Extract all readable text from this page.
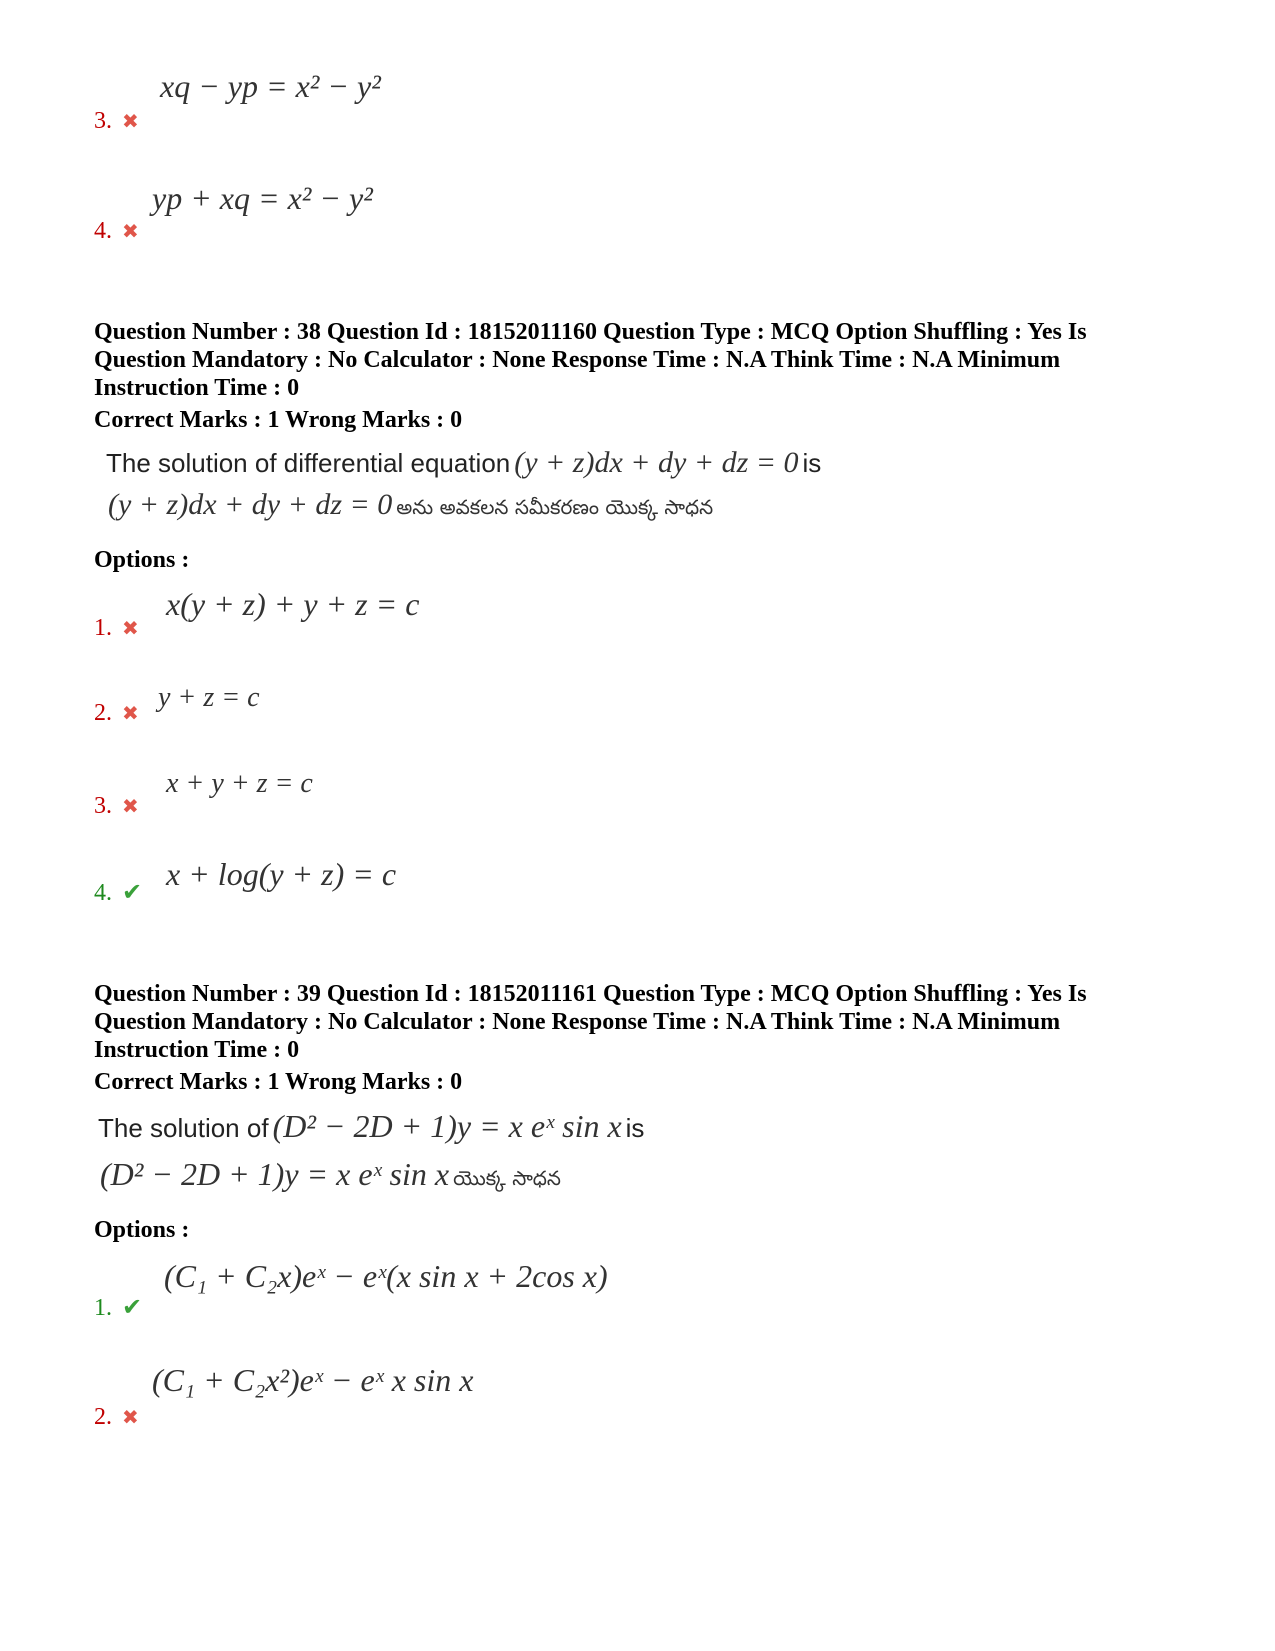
xq − yp = x² − y²
3. ✖
yp + xq = x² − y²
4. ✖
Question Number : 38 Question Id : 18152011160 Question Type : MCQ Option Shuffling : Yes Is
Question Mandatory : No Calculator : None Response Time : N.A Think Time : N.A Minimum
Instruction Time : 0
Correct Marks : 1 Wrong Marks : 0
The solution of differential equation (y + z)dx + dy + dz = 0 is
(y + z)dx + dy + dz = 0 అను అవకలన సమీకరణం యొక్క సాధన
Options :
x(y + z) + y + z = c
1. ✖
y + z = c
2. ✖
x + y + z = c
3. ✖
x + log(y + z) = c
4. ✔
Question Number : 39 Question Id : 18152011161 Question Type : MCQ Option Shuffling : Yes Is
Question Mandatory : No Calculator : None Response Time : N.A Think Time : N.A Minimum
Instruction Time : 0
Correct Marks : 1 Wrong Marks : 0
The solution of (D² − 2D + 1)y = x eˣ sin x is
(D² − 2D + 1)y = x eˣ sin x యొక్క సాధన
Options :
(C₁ + C₂x)eˣ − eˣ(x sin x + 2cos x)
1. ✔
(C₁ + C₂x²)eˣ − eˣ x sin x
2. ✖
